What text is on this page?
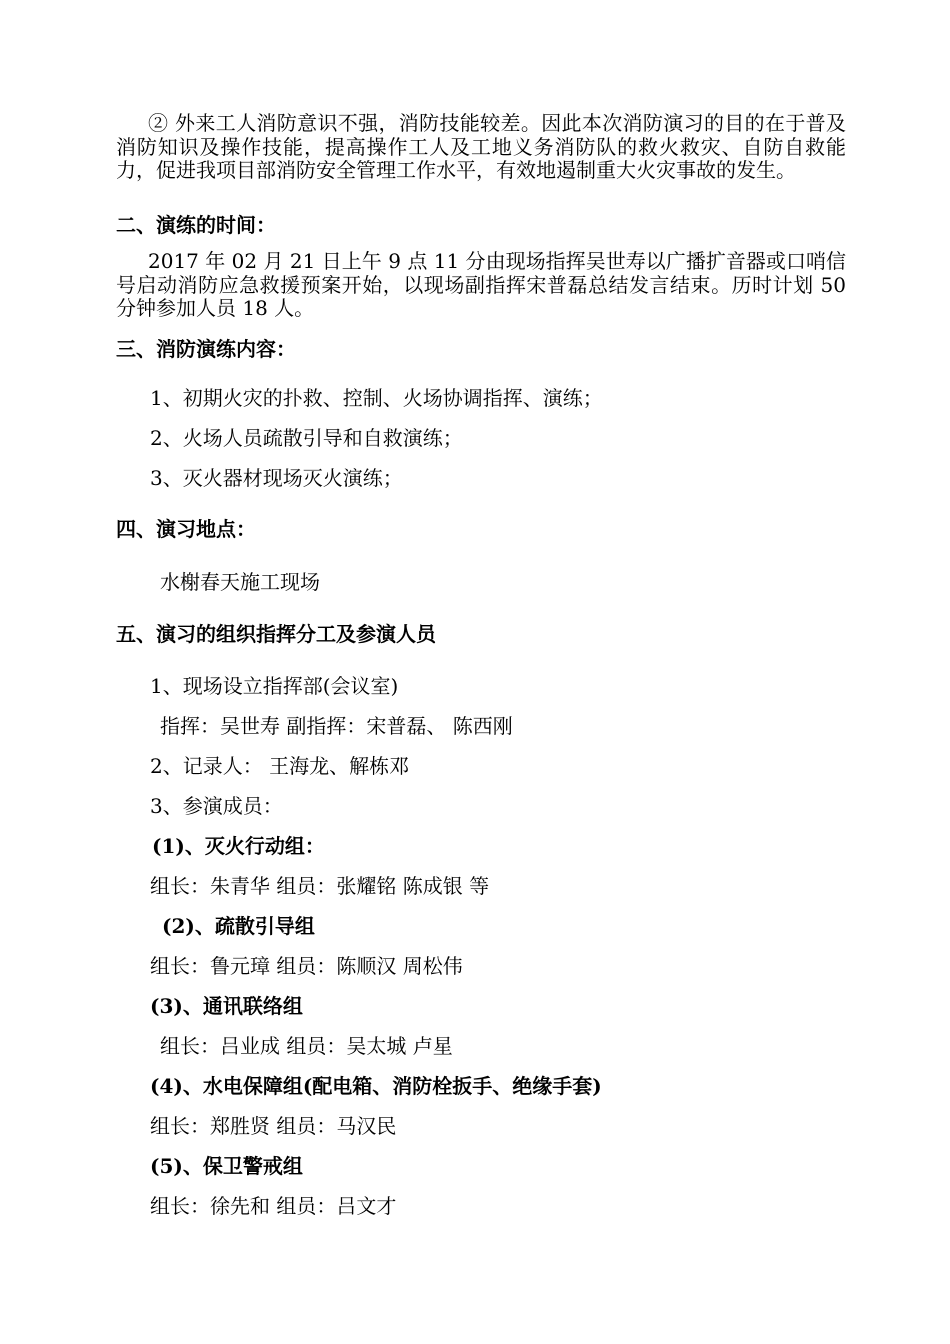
② 外来工人消防意识不强，消防技能较差。因此本次消防演习的目的在于普及消防知识及操作技能，提高操作工人及工地义务消防队的救火救灾、自防自救能力，促进我项目部消防安全管理工作水平，有效地遏制重大火灾事故的发生。
二、演练的时间：
2017 年 02 月 21 日上午 9 点 11 分由现场指挥吴世寿以广播扩音器或口哨信号启动消防应急救援预案开始，以现场副指挥宋普磊总结发言结束。历时计划 50 分钟参加人员 18 人。
三、消防演练内容：
1、初期火灾的扑救、控制、火场协调指挥、演练；
2、火场人员疏散引导和自救演练；
3、灭火器材现场灭火演练；
四、演习地点：
水榭春天施工现场
五、演习的组织指挥分工及参演人员
1、现场设立指挥部(会议室)
指挥：吴世寿 副指挥：宋普磊、 陈西刚
2、记录人： 王海龙、解栋邓
3、参演成员：
(1)、灭火行动组：
组长：朱青华 组员：张耀铭 陈成银 等
(2)、疏散引导组
组长：鲁元璋 组员：陈顺汉 周松伟
(3)、通讯联络组
组长：吕业成 组员：吴太城 卢星
(4)、水电保障组(配电箱、消防栓扳手、绝缘手套)
组长：郑胜贤 组员：马汉民
(5)、保卫警戒组
组长：徐先和 组员：吕文才
